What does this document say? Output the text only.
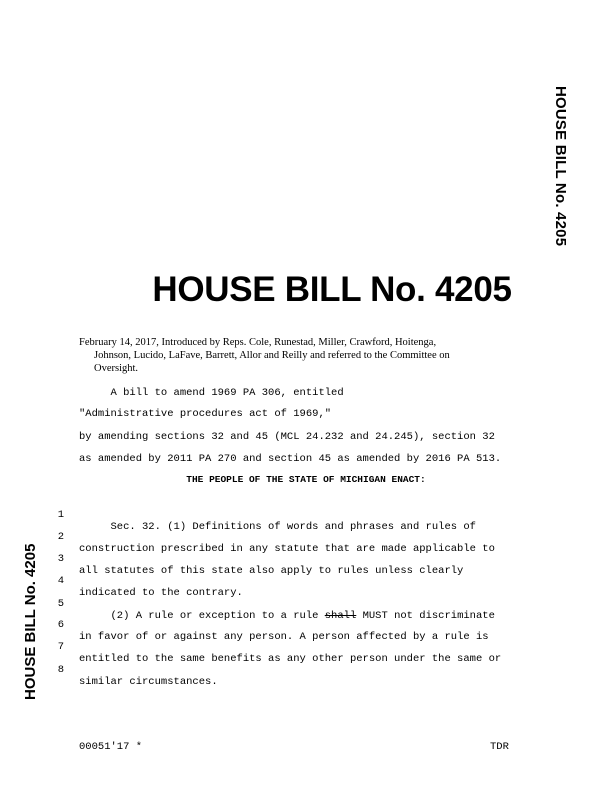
HOUSE BILL No. 4205
HOUSE BILL No. 4205
HOUSE BILL No. 4205

February 14, 2017, Introduced by Reps. Cole, Runestad, Miller, Crawford, Hoitenga,

Johnson, Lucido, LaFave, Barrett, Allor and Reilly and referred to the Committee on

Oversight.

A bill to amend 1969 PA 306, entitled
"Administrative procedures act of 1969,"
by amending sections 32 and 45 (MCL 24.232 and 24.245), section 32
as amended by 2011 PA 270 and section 45 as amended by 2016 PA 513.
THE PEOPLE OF THE STATE OF MICHIGAN ENACT:

1

Sec. 32. (1) Definitions of words and phrases and rules of

2

construction prescribed in any statute that are made applicable to

3

all statutes of this state also apply to rules unless clearly

4

indicated to the contrary.

5

(2) A rule or exception to a rule shall MUST not discriminate

6

in favor of or against any person. A person affected by a rule is

7

entitled to the same benefits as any other person under the same or

8

similar circumstances.

00051'17 *	TDR
